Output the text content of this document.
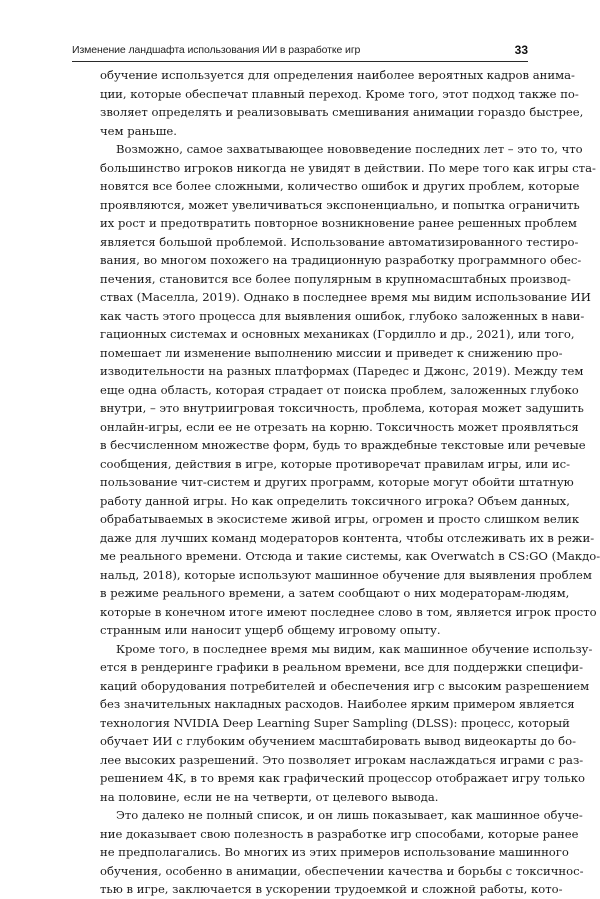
Изменение ландшафта использования ИИ в разработке игр	33
обучение используется для определения наиболее вероятных кадров анима-
ции, которые обеспечат плавный переход. Кроме того, этот подход также по-
зволяет определять и реализовывать смешивания анимации гораздо быстрее,
чем раньше.
Возможно, самое захватывающее нововведение последних лет – это то, что
большинство игроков никогда не увидят в действии. По мере того как игры ста-
новятся все более сложными, количество ошибок и других проблем, которые
проявляются, может увеличиваться экспоненциально, и попытка ограничить
их рост и предотвратить повторное возникновение ранее решенных проблем
является большой проблемой. Использование автоматизированного тестиро-
вания, во многом похожего на традиционную разработку программного обес-
печения, становится все более популярным в крупномасштабных производ-
ствах (Маселла, 2019). Однако в последнее время мы видим использование ИИ
как часть этого процесса для выявления ошибок, глубоко заложенных в нави-
гационных системах и основных механиках (Гордилло и др., 2021), или того,
помешает ли изменение выполнению миссии и приведет к снижению про-
изводительности на разных платформах (Паредес и Джонс, 2019). Между тем
еще одна область, которая страдает от поиска проблем, заложенных глубоко
внутри, – это внутриигровая токсичность, проблема, которая может задушить
онлайн-игры, если ее не отрезать на корню. Токсичность может проявляться
в бесчисленном множестве форм, будь то враждебные текстовые или речевые
сообщения, действия в игре, которые противоречат правилам игры, или ис-
пользование чит-систем и других программ, которые могут обойти штатную
работу данной игры. Но как определить токсичного игрока? Объем данных,
обрабатываемых в экосистеме живой игры, огромен и просто слишком велик
даже для лучших команд модераторов контента, чтобы отслеживать их в режи-
ме реального времени. Отсюда и такие системы, как Overwatch в CS:GO (Макдо-
нальд, 2018), которые используют машинное обучение для выявления проблем
в режиме реального времени, а затем сообщают о них модераторам-людям,
которые в конечном итоге имеют последнее слово в том, является игрок просто
странным или наносит ущерб общему игровому опыту.
Кроме того, в последнее время мы видим, как машинное обучение использу-
ется в рендеринге графики в реальном времени, все для поддержки специфи-
каций оборудования потребителей и обеспечения игр с высоким разрешением
без значительных накладных расходов. Наиболее ярким примером является
технология NVIDIA Deep Learning Super Sampling (DLSS): процесс, который
обучает ИИ с глубоким обучением масштабировать вывод видеокарты до бо-
лее высоких разрешений. Это позволяет игрокам наслаждаться играми с раз-
решением 4K, в то время как графический процессор отображает игру только
на половине, если не на четверти, от целевого вывода.
Это далеко не полный список, и он лишь показывает, как машинное обуче-
ние доказывает свою полезность в разработке игр способами, которые ранее
не предполагались. Во многих из этих примеров использование машинного
обучения, особенно в анимации, обеспечении качества и борьбы с токсичнос-
тью в игре, заключается в ускорении трудоемкой и сложной работы, кото-
